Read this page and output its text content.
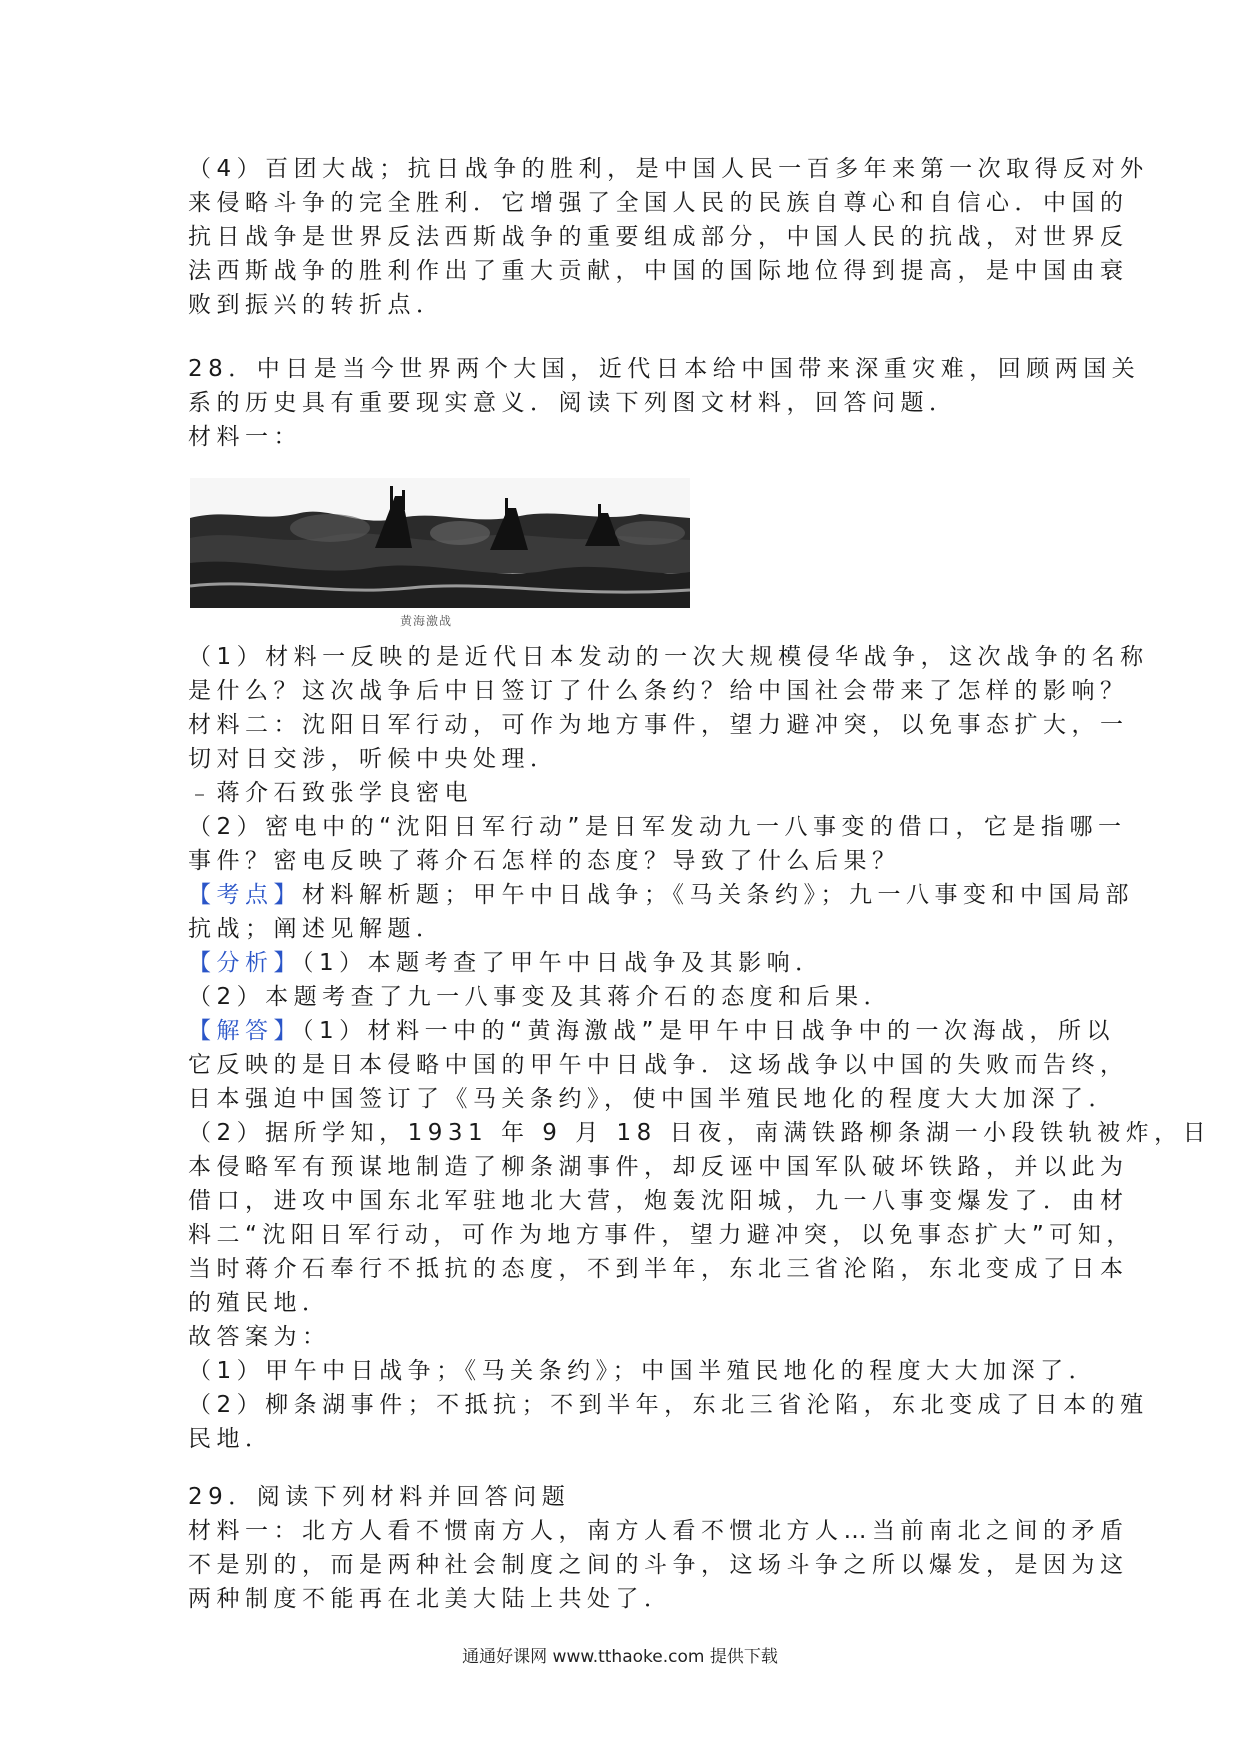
（4）百团大战；抗日战争的胜利，是中国人民一百多年来第一次取得反对外
来侵略斗争的完全胜利．它增强了全国人民的民族自尊心和自信心．中国的
抗日战争是世界反法西斯战争的重要组成部分，中国人民的抗战，对世界反
法西斯战争的胜利作出了重大贡献，中国的国际地位得到提高，是中国由衰
败到振兴的转折点．
28．中日是当今世界两个大国，近代日本给中国带来深重灾难，回顾两国关
系的历史具有重要现实意义．阅读下列图文材料，回答问题．
材料一：
黄海激战
（1）材料一反映的是近代日本发动的一次大规模侵华战争，这次战争的名称
是什么？这次战争后中日签订了什么条约？给中国社会带来了怎样的影响？
材料二：沈阳日军行动，可作为地方事件，望力避冲突，以免事态扩大，一
切对日交涉，听候中央处理．
﹣蒋介石致张学良密电
（2）密电中的“沈阳日军行动”是日军发动九一八事变的借口，它是指哪一
事件？密电反映了蒋介石怎样的态度？导致了什么后果？
【考点】材料解析题；甲午中日战争；《马关条约》；九一八事变和中国局部
抗战；阐述见解题．
【分析】（1）本题考查了甲午中日战争及其影响．
（2）本题考查了九一八事变及其蒋介石的态度和后果．
【解答】（1）材料一中的“黄海激战”是甲午中日战争中的一次海战，所以
它反映的是日本侵略中国的甲午中日战争．这场战争以中国的失败而告终，
日本强迫中国签订了《马关条约》，使中国半殖民地化的程度大大加深了．
（2）据所学知，1931 年 9 月 18 日夜，南满铁路柳条湖一小段铁轨被炸，日
本侵略军有预谋地制造了柳条湖事件，却反诬中国军队破坏铁路，并以此为
借口，进攻中国东北军驻地北大营，炮轰沈阳城，九一八事变爆发了．由材
料二“沈阳日军行动，可作为地方事件，望力避冲突，以免事态扩大”可知，
当时蒋介石奉行不抵抗的态度，不到半年，东北三省沦陷，东北变成了日本
的殖民地．
故答案为：
（1）甲午中日战争；《马关条约》；中国半殖民地化的程度大大加深了．
（2）柳条湖事件；不抵抗；不到半年，东北三省沦陷，东北变成了日本的殖
民地．
29．阅读下列材料并回答问题
材料一：北方人看不惯南方人，南方人看不惯北方人…当前南北之间的矛盾
不是别的，而是两种社会制度之间的斗争，这场斗争之所以爆发，是因为这
两种制度不能再在北美大陆上共处了．
通通好课网 www.tthaoke.com 提供下载
